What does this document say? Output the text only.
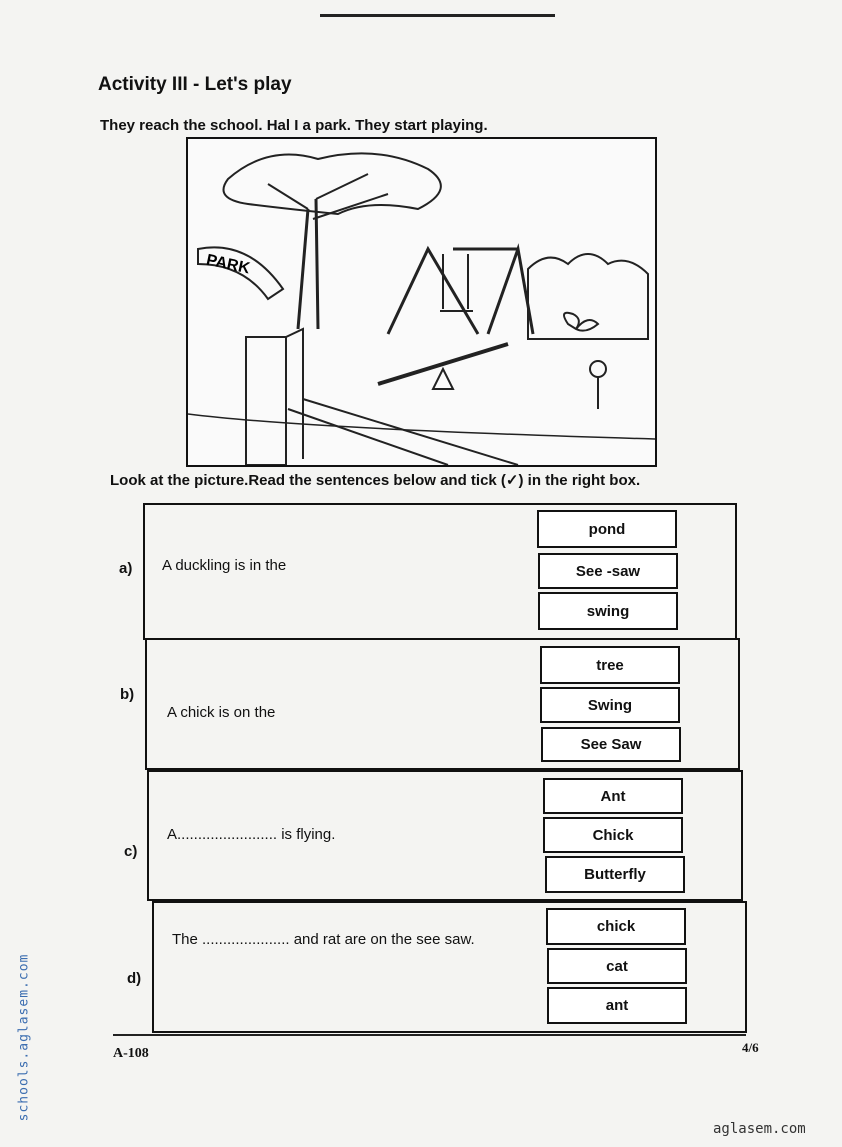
Activity III - Let's play
They reach the school. Hal I a park. They start playing.
PARK
Look at the picture.Read the sentences below and tick (✓) in the right box.
a) A duckling is in the
pond
See -saw
swing
b)
A chick is on the
tree
Swing
See Saw
c)
A........................ is flying.
Ant
Chick
Butterfly
d)
The ..................... and rat are on the see saw.
chick
cat
ant
A-108	4/6
schools.aglasem.com
aglasem.com
